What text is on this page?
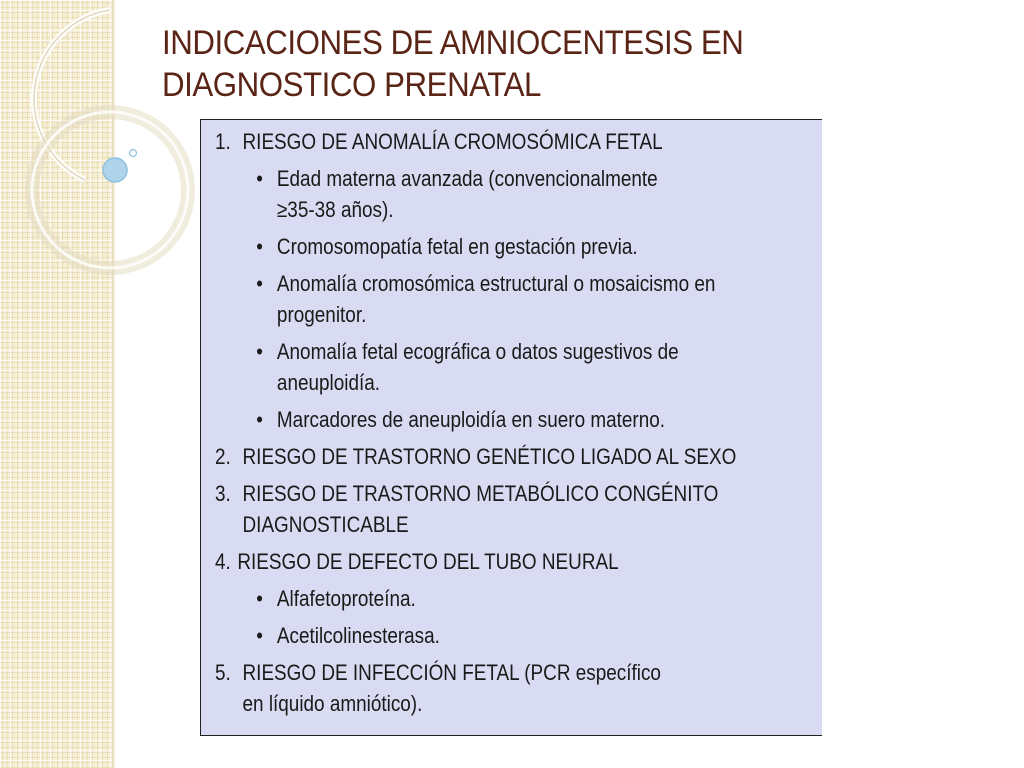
INDICACIONES DE AMNIOCENTESIS EN
DIAGNOSTICO PRENATAL
1. RIESGO DE ANOMALÍA CROMOSÓMICA FETAL
• Edad materna avanzada (convencionalmente
≥35-38 años).
• Cromosomopatía fetal en gestación previa.
• Anomalía cromosómica estructural o mosaicismo en
progenitor.
• Anomalía fetal ecográfica o datos sugestivos de
aneuploidía.
• Marcadores de aneuploidía en suero materno.
2. RIESGO DE TRASTORNO GENÉTICO LIGADO AL SEXO
3. RIESGO DE TRASTORNO METABÓLICO CONGÉNITO
DIAGNOSTICABLE
4. RIESGO DE DEFECTO DEL TUBO NEURAL
• Alfafetoproteína.
• Acetilcolinesterasa.
5. RIESGO DE INFECCIÓN FETAL (PCR específico
en líquido amniótico).
